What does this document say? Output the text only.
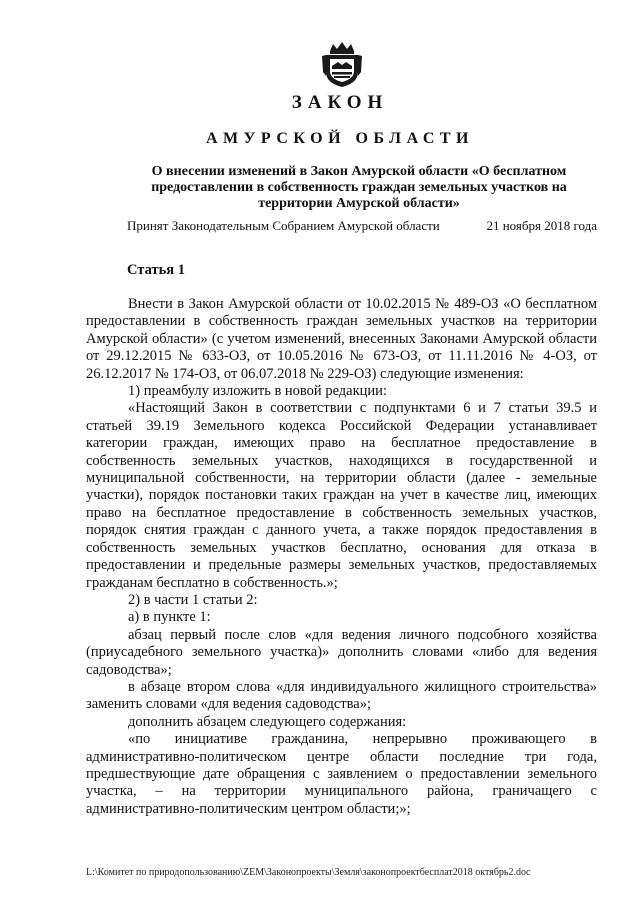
ЗАКОН
АМУРСКОЙ ОБЛАСТИ
О внесении изменений в Закон Амурской области «О бесплатном
предоставлении в собственность граждан земельных участков на
территории Амурской области»
Принят Законодательным Собранием Амурской области	21 ноября 2018 года
Статья 1

Внести в Закон Амурской области от 10.02.2015 № 489-ОЗ «О бесплатном предоставлении в собственность граждан земельных участков на территории Амурской области» (с учетом изменений, внесенных Законами Амурской области от 29.12.2015 № 633-ОЗ, от 10.05.2016 № 673-ОЗ, от 11.11.2016 № 4-ОЗ, от 26.12.2017 № 174-ОЗ, от 06.07.2018 № 229-ОЗ) следующие изменения:

1) преамбулу изложить в новой редакции:

«Настоящий Закон в соответствии с подпунктами 6 и 7 статьи 39.5 и статьей 39.19 Земельного кодекса Российской Федерации устанавливает категории граждан, имеющих право на бесплатное предоставление в собственность земельных участков, находящихся в государственной и муниципальной собственности, на территории области (далее - земельные участки), порядок постановки таких граждан на учет в качестве лиц, имеющих право на бесплатное предоставление в собственность земельных участков, порядок снятия граждан с данного учета, а также порядок предоставления в собственность земельных участков бесплатно, основания для отказа в предоставлении и предельные размеры земельных участков, предоставляемых гражданам бесплатно в собственность.»;

2) в части 1 статьи 2:

а) в пункте 1:

абзац первый после слов «для ведения личного подсобного хозяйства (приусадебного земельного участка)» дополнить словами «либо для ведения садоводства»;

в абзаце втором слова «для индивидуального жилищного строительства» заменить словами «для ведения садоводства»;

дополнить абзацем следующего содержания:

«по инициативе гражданина, непрерывно проживающего в административно-политическом центре области последние три года, предшествующие дате обращения с заявлением о предоставлении земельного участка, – на территории муниципального района, граничащего с административно-политическим центром области;»;

L:\Комитет по природопользованию\ZEM\Законопроекты\Земля\законопроектбесплат2018 октябрь2.doc
